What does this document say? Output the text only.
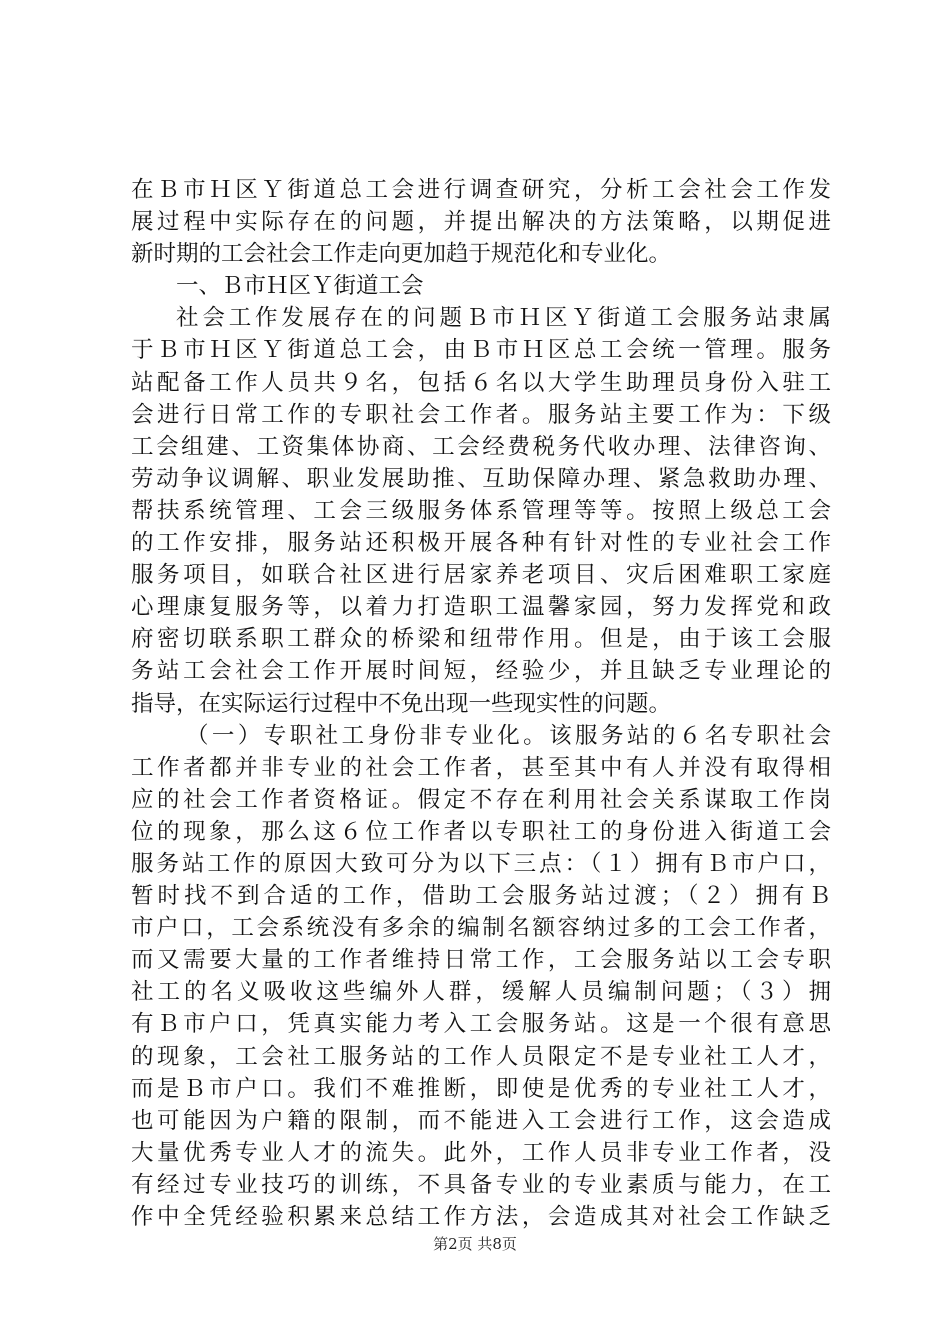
在Ｂ市Ｈ区Ｙ街道总工会进行调查研究，分析工会社会工作发
展过程中实际存在的问题，并提出解决的方法策略，以期促进
新时期的工会社会工作走向更加趋于规范化和专业化。
一、Ｂ市Ｈ区Ｙ街道工会
社会工作发展存在的问题Ｂ市Ｈ区Ｙ街道工会服务站隶属
于Ｂ市Ｈ区Ｙ街道总工会，由Ｂ市Ｈ区总工会统一管理。服务
站配备工作人员共９名，包括６名以大学生助理员身份入驻工
会进行日常工作的专职社会工作者。服务站主要工作为：下级
工会组建、工资集体协商、工会经费税务代收办理、法律咨询、
劳动争议调解、职业发展助推、互助保障办理、紧急救助办理、
帮扶系统管理、工会三级服务体系管理等等。按照上级总工会
的工作安排，服务站还积极开展各种有针对性的专业社会工作
服务项目，如联合社区进行居家养老项目、灾后困难职工家庭
心理康复服务等，以着力打造职工温馨家园，努力发挥党和政
府密切联系职工群众的桥梁和纽带作用。但是，由于该工会服
务站工会社会工作开展时间短，经验少，并且缺乏专业理论的
指导，在实际运行过程中不免出现一些现实性的问题。
（一）专职社工身份非专业化。该服务站的６名专职社会
工作者都并非专业的社会工作者，甚至其中有人并没有取得相
应的社会工作者资格证。假定不存在利用社会关系谋取工作岗
位的现象，那么这６位工作者以专职社工的身份进入街道工会
服务站工作的原因大致可分为以下三点：（１）拥有Ｂ市户口，
暂时找不到合适的工作，借助工会服务站过渡；（２）拥有Ｂ
市户口，工会系统没有多余的编制名额容纳过多的工会工作者，
而又需要大量的工作者维持日常工作，工会服务站以工会专职
社工的名义吸收这些编外人群，缓解人员编制问题；（３）拥
有Ｂ市户口，凭真实能力考入工会服务站。这是一个很有意思
的现象，工会社工服务站的工作人员限定不是专业社工人才，
而是Ｂ市户口。我们不难推断，即使是优秀的专业社工人才，
也可能因为户籍的限制，而不能进入工会进行工作，这会造成
大量优秀专业人才的流失。此外，工作人员非专业工作者，没
有经过专业技巧的训练，不具备专业的专业素质与能力，在工
作中全凭经验积累来总结工作方法，会造成其对社会工作缺乏
第2页 共8页
